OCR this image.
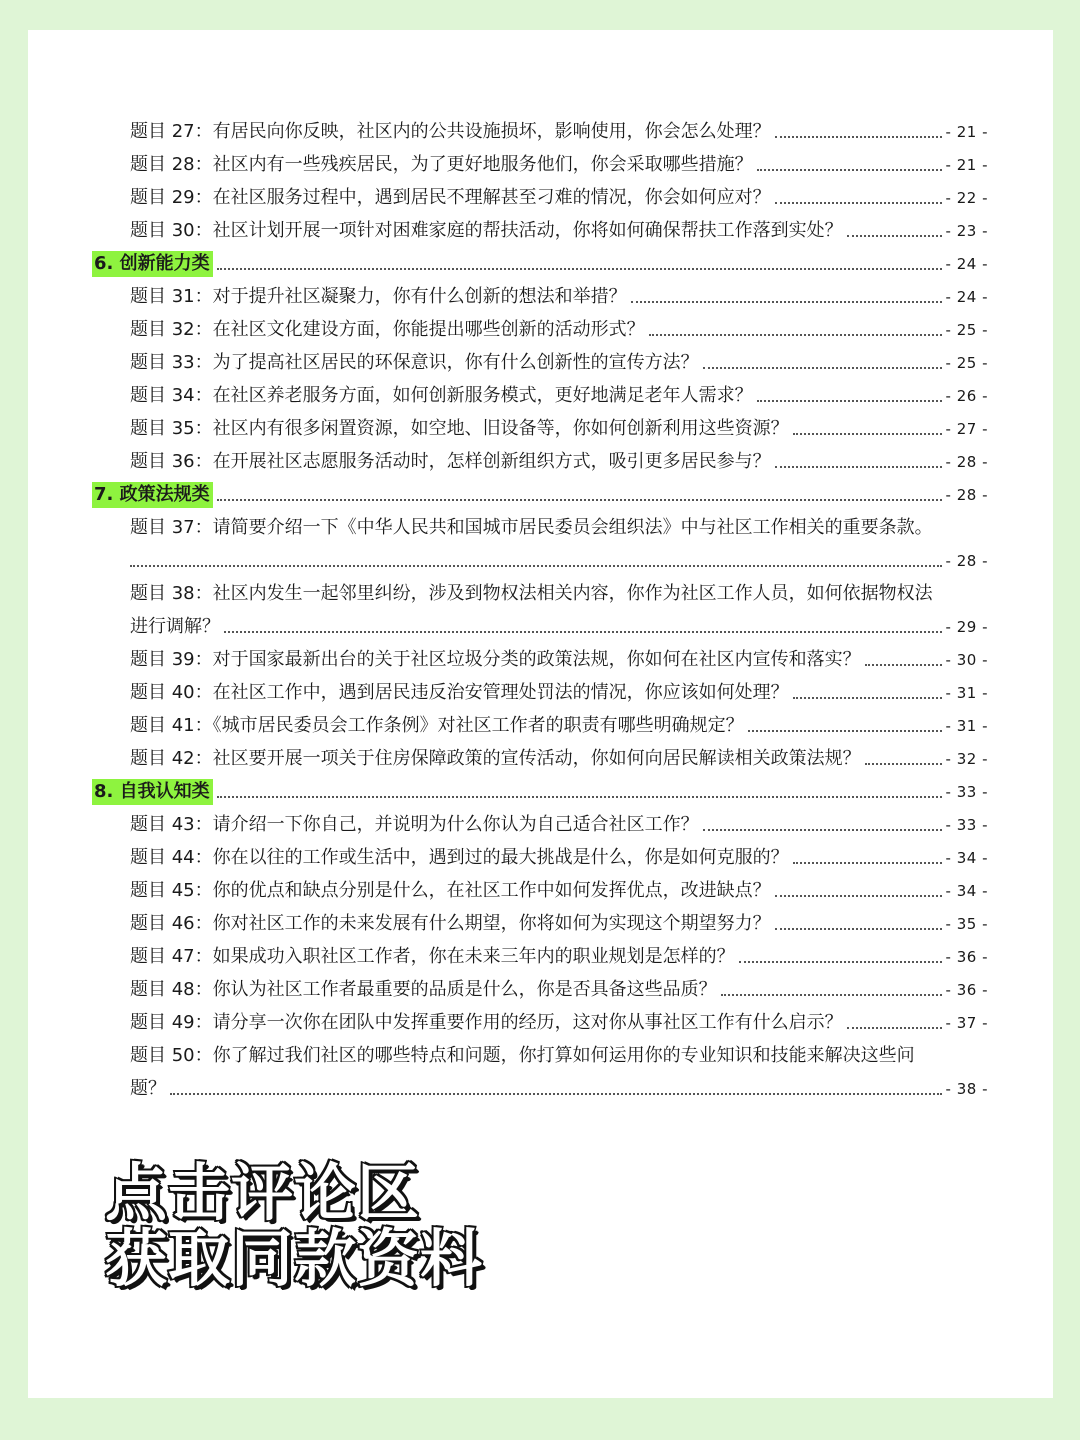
题目 27：有居民向你反映，社区内的公共设施损坏，影响使用，你会怎么处理？	- 21 -
题目 28：社区内有一些残疾居民，为了更好地服务他们，你会采取哪些措施？	- 21 -
题目 29：在社区服务过程中，遇到居民不理解甚至刁难的情况，你会如何应对？	- 22 -
题目 30：社区计划开展一项针对困难家庭的帮扶活动，你将如何确保帮扶工作落到实处？	- 23 -
6. 创新能力类	- 24 -
题目 31：对于提升社区凝聚力，你有什么创新的想法和举措？	- 24 -
题目 32：在社区文化建设方面，你能提出哪些创新的活动形式？	- 25 -
题目 33：为了提高社区居民的环保意识，你有什么创新性的宣传方法？	- 25 -
题目 34：在社区养老服务方面，如何创新服务模式，更好地满足老年人需求？	- 26 -
题目 35：社区内有很多闲置资源，如空地、旧设备等，你如何创新利用这些资源？	- 27 -
题目 36：在开展社区志愿服务活动时，怎样创新组织方式，吸引更多居民参与？	- 28 -
7. 政策法规类	- 28 -
题目 37：请简要介绍一下《中华人民共和国城市居民委员会组织法》中与社区工作相关的重要条款。
- 28 -
题目 38：社区内发生一起邻里纠纷，涉及到物权法相关内容，你作为社区工作人员，如何依据物权法
进行调解？	- 29 -
题目 39：对于国家最新出台的关于社区垃圾分类的政策法规，你如何在社区内宣传和落实？	- 30 -
题目 40：在社区工作中，遇到居民违反治安管理处罚法的情况，你应该如何处理？	- 31 -
题目 41：《城市居民委员会工作条例》对社区工作者的职责有哪些明确规定？	- 31 -
题目 42：社区要开展一项关于住房保障政策的宣传活动，你如何向居民解读相关政策法规？	- 32 -
8. 自我认知类	- 33 -
题目 43：请介绍一下你自己，并说明为什么你认为自己适合社区工作？	- 33 -
题目 44：你在以往的工作或生活中，遇到过的最大挑战是什么，你是如何克服的？	- 34 -
题目 45：你的优点和缺点分别是什么，在社区工作中如何发挥优点，改进缺点？	- 34 -
题目 46：你对社区工作的未来发展有什么期望，你将如何为实现这个期望努力？	- 35 -
题目 47：如果成功入职社区工作者，你在未来三年内的职业规划是怎样的？	- 36 -
题目 48：你认为社区工作者最重要的品质是什么，你是否具备这些品质？	- 36 -
题目 49：请分享一次你在团队中发挥重要作用的经历，这对你从事社区工作有什么启示？	- 37 -
题目 50：你了解过我们社区的哪些特点和问题，你打算如何运用你的专业知识和技能来解决这些问
题？	- 38 -
点击评论区
获取同款资料
